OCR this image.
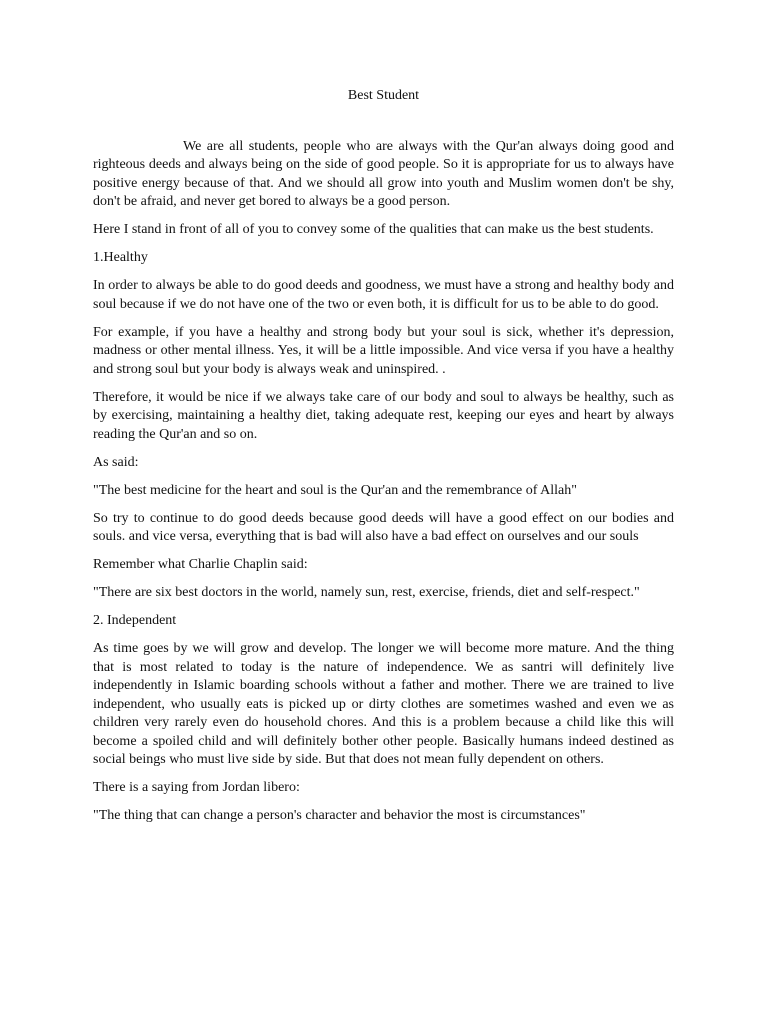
Best Student

We are all students, people who are always with the Qur'an always doing good and righteous deeds and always being on the side of good people. So it is appropriate for us to always have positive energy because of that. And we should all grow into youth and Muslim women don't be shy, don't be afraid, and never get bored to always be a good person.

Here I stand in front of all of you to convey some of the qualities that can make us the best students.

1.Healthy

In order to always be able to do good deeds and goodness, we must have a strong and healthy body and soul because if we do not have one of the two or even both, it is difficult for us to be able to do good.

For example, if you have a healthy and strong body but your soul is sick, whether it's depression, madness or other mental illness. Yes, it will be a little impossible. And vice versa if you have a healthy and strong soul but your body is always weak and uninspired. .

Therefore, it would be nice if we always take care of our body and soul to always be healthy, such as by exercising, maintaining a healthy diet, taking adequate rest, keeping our eyes and heart by always reading the Qur'an and so on.

As said:

"The best medicine for the heart and soul is the Qur'an and the remembrance of Allah"

So try to continue to do good deeds because good deeds will have a good effect on our bodies and souls. and vice versa, everything that is bad will also have a bad effect on ourselves and our souls

Remember what Charlie Chaplin said:

"There are six best doctors in the world, namely sun, rest, exercise, friends, diet and self-respect."

2. Independent

As time goes by we will grow and develop. The longer we will become more mature. And the thing that is most related to today is the nature of independence. We as santri will definitely live independently in Islamic boarding schools without a father and mother. There we are trained to live independent, who usually eats is picked up or dirty clothes are sometimes washed and even we as children very rarely even do household chores. And this is a problem because a child like this will become a spoiled child and will definitely bother other people. Basically humans indeed destined as social beings who must live side by side. But that does not mean fully dependent on others.

There is a saying from Jordan libero:

"The thing that can change a person's character and behavior the most is circumstances"
